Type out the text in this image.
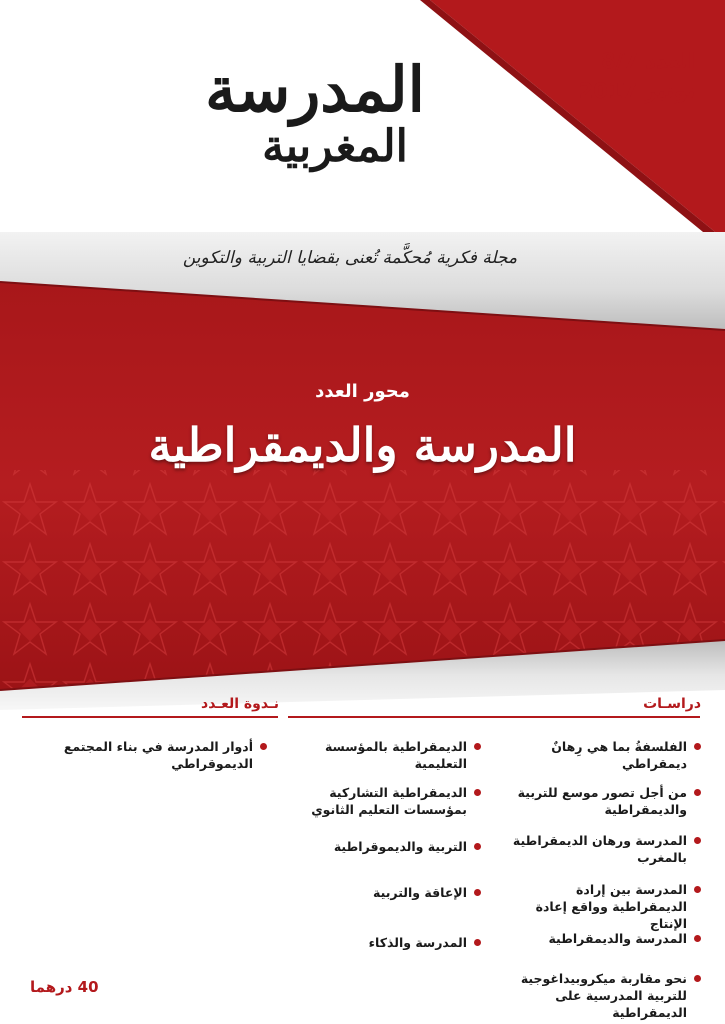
العدد 8/7
نونبر 2017
المدرسة
المغربية
مجلة فكرية مُحكَّمة تُعنى بقضايا التربية والتكوين
محور العدد
المدرسة والديمقراطية
دراسـات
نـدوة العـدد
الفلسفةُ بما هي رِهانٌ ديمقراطي
من أجل تصور موسع للتربية والديمقراطية
المدرسة ورهان الديمقراطية بالمغرب
المدرسة بين إرادة الديمقراطية وواقع إعادة الإنتاج
المدرسة والديمقراطية
نحو مقاربة ميكروبيداغوجية للتربية المدرسية على الديمقراطية
الديمقراطية بالمؤسسة التعليمية
الديمقراطية التشاركية بمؤسسات التعليم الثانوي
التربية والديموقراطية
الإعاقة والتربية
المدرسة والذكاء
أدوار المدرسة في بناء المجتمع الديموقراطي
40 درهما
